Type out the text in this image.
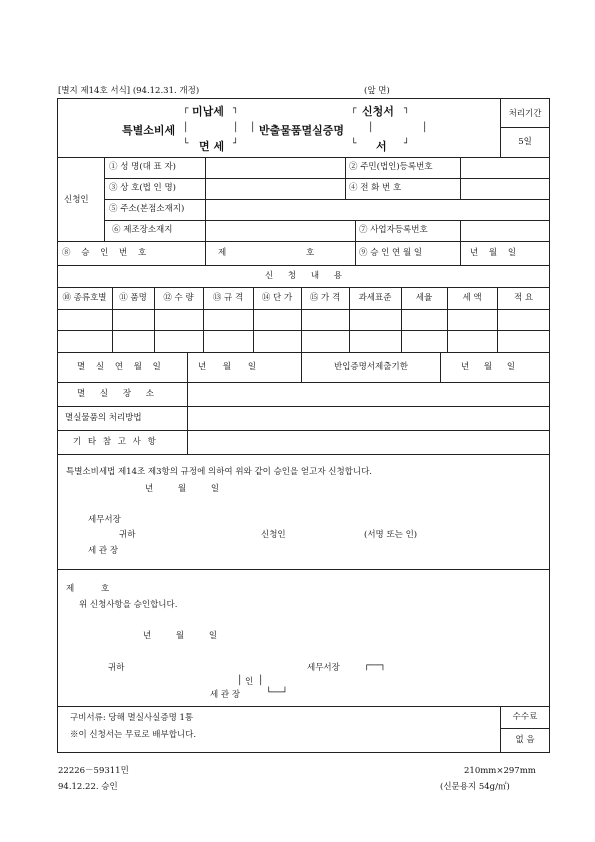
[별지 제14호 서식] (94.12.31. 개정)	(앞 면)
처리기간
5일
┌ 미납세 ┐
특별소비세 │	│
└ 면 세 ┘
│ 반출물품멸실증명
┌ 신청서 ┐
│	│
└ 서 ┘
신청인
① 성 명(대 표 자)	② 주민(법인)등록번호
③ 상 호(법 인 명)	④ 전 화 번 호
⑤ 주소(본점소재지)
⑥ 제조장소재지	⑦ 사업자등록번호
⑧ 승 인 번 호	제	호	⑨ 승 인 연 월 일	년 월 일
신 청 내 용
⑩ 종류호별	⑪ 품명	⑫ 수 량	⑬ 규 격	⑭ 단 가	⑮ 가 격	과세표준	세율	세 액	적 요
멸 실 연 월 일	년 월 일	반입증명서제출기한	년 월 일
멸 실 장 소
멸실물품의 처리방법
기 타 참 고 사 항
특별소비세법 제14조 제3항의 규정에 의하여 위와 같이 승인을 얻고자 신청합니다.
년 월 일
세무서장
귀하
세 관 장
신청인	(서명 또는 인)
제	호
위 신청사항을 승인합니다.
년 월 일
귀하	세무서장	┌──┐
│ 인 │
세 관 장	└──┘
구비서류: 당해 멸실사실증명 1통
※이 신청서는 무료로 배부합니다.
수수료
없 음
22226－59311민
94.12.22. 승인
210mm×297mm
(신문용지 54g/㎡)
